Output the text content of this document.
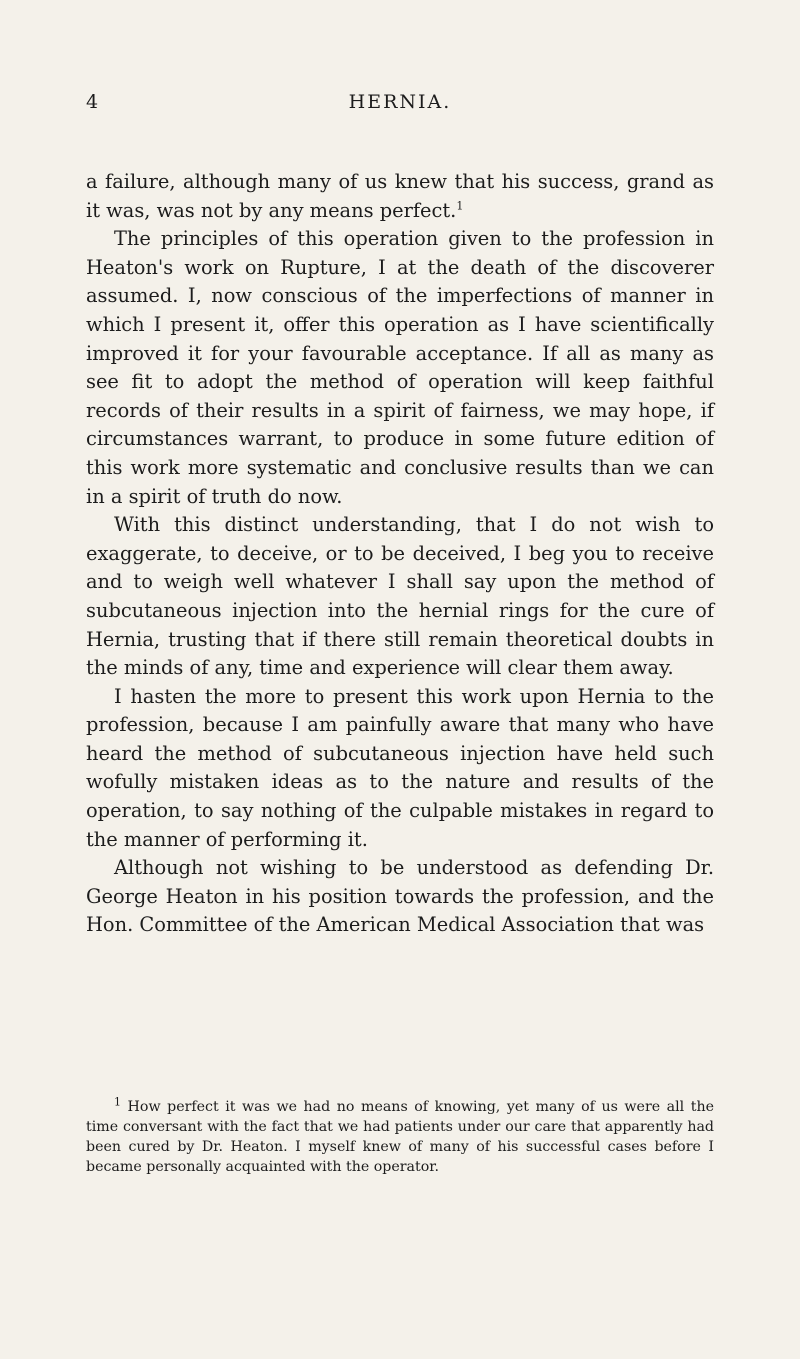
4	HERNIA.

a failure, although many of us knew that his success, grand as it was, was not by any means perfect.$^1$

The principles of this operation given to the profession in Heaton's work on Rupture, I at the death of the discoverer assumed. I, now conscious of the imperfections of manner in which I present it, offer this operation as I have scientifically improved it for your favourable acceptance. If all as many as see fit to adopt the method of operation will keep faithful records of their results in a spirit of fairness, we may hope, if circumstances warrant, to produce in some future edition of this work more systematic and conclusive results than we can in a spirit of truth do now.

With this distinct understanding, that I do not wish to exaggerate, to deceive, or to be deceived, I beg you to receive and to weigh well whatever I shall say upon the method of subcutaneous injection into the hernial rings for the cure of Hernia, trusting that if there still remain theoretical doubts in the minds of any, time and experience will clear them away.

I hasten the more to present this work upon Hernia to the profession, because I am painfully aware that many who have heard the method of subcutaneous injection have held such wofully mistaken ideas as to the nature and results of the operation, to say nothing of the culpable mistakes in regard to the manner of performing it.

Although not wishing to be understood as defending Dr. George Heaton in his position towards the profession, and the Hon. Committee of the American Medical Association that was

$^1$ How perfect it was we had no means of knowing, yet many of us were all the time conversant with the fact that we had patients under our care that apparently had been cured by Dr. Heaton. I myself knew of many of his successful cases before I became personally acquainted with the operator.
